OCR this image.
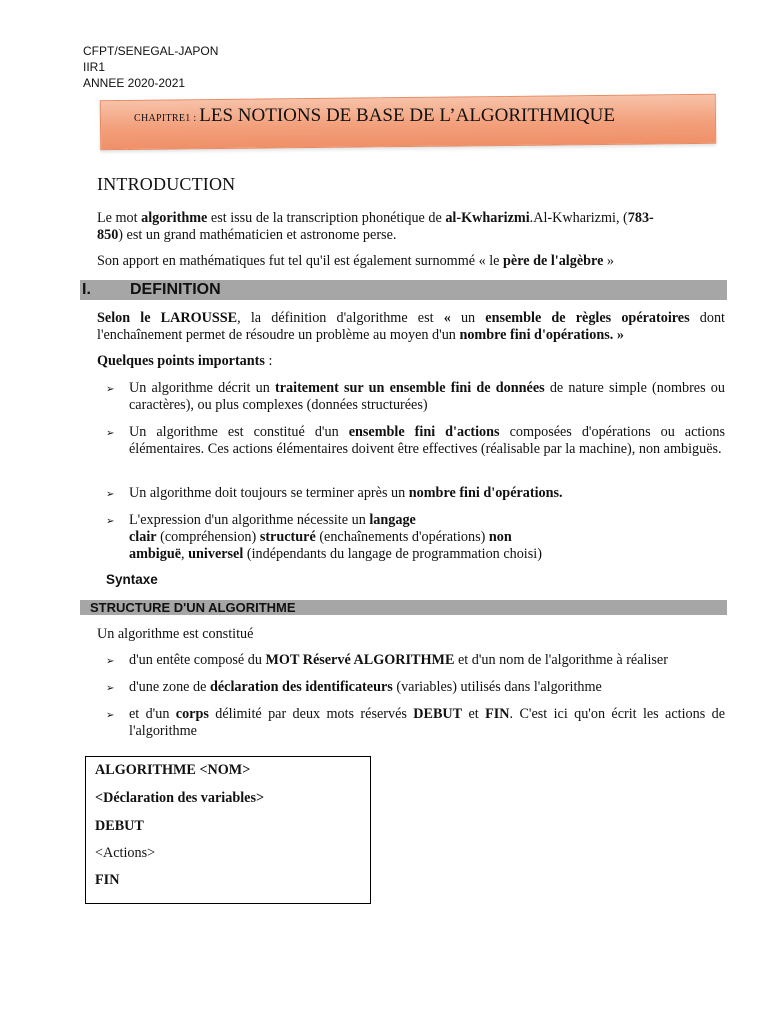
CFPT/SENEGAL-JAPON
IIR1
ANNEE 2020-2021
CHAPITRE1 : LES NOTIONS DE BASE DE L’ALGORITHMIQUE
INTRODUCTION
Le mot algorithme est issu de la transcription phonétique de al-Kwharizmi.Al-Kwharizmi, (783-
850) est un grand mathématicien et astronome perse.
Son apport en mathématiques fut tel qu'il est également surnommé « le père de l'algèbre »
I. DEFINITION
Selon le LAROUSSE, la définition d'algorithme est « un ensemble de règles opératoires dont l'enchaînement permet de résoudre un problème au moyen d'un nombre fini d'opérations. »
Quelques points importants :
➢ Un algorithme décrit un traitement sur un ensemble fini de données de nature simple (nombres ou caractères), ou plus complexes (données structurées)
➢ Un algorithme est constitué d'un ensemble fini d'actions composées d'opérations ou actions élémentaires. Ces actions élémentaires doivent être effectives (réalisable par la machine), non ambiguës.
➢ Un algorithme doit toujours se terminer après un nombre fini d'opérations.
➢ L'expression d'un algorithme nécessite un langage
clair (compréhension) structuré (enchaînements d'opérations) non
ambiguë, universel (indépendants du langage de programmation choisi)
Syntaxe
STRUCTURE D'UN ALGORITHME
Un algorithme est constitué
➢ d'un entête composé du MOT Réservé ALGORITHME et d'un nom de l'algorithme à réaliser
➢ d'une zone de déclaration des identificateurs (variables) utilisés dans l'algorithme
➢ et d'un corps délimité par deux mots réservés DEBUT et FIN. C'est ici qu'on écrit les actions de l'algorithme
ALGORITHME <NOM>
<Déclaration des variables>
DEBUT
<Actions>
FIN
